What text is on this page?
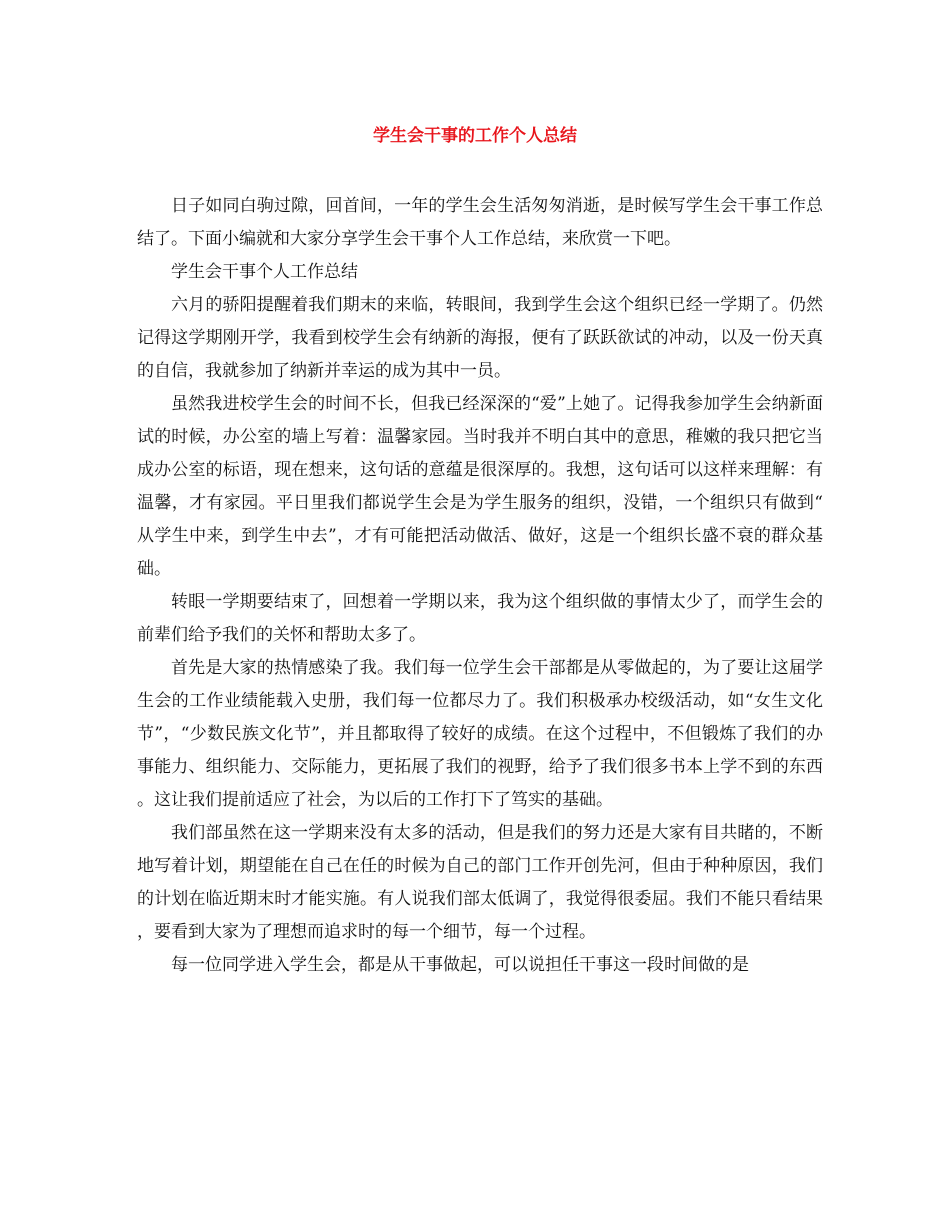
学生会干事的工作个人总结

日子如同白驹过隙，回首间，一年的学生会生活匆匆消逝，是时候写学生会干事工作总结了。下面小编就和大家分享学生会干事个人工作总结，来欣赏一下吧。

学生会干事个人工作总结

六月的骄阳提醒着我们期末的来临，转眼间，我到学生会这个组织已经一学期了。仍然记得这学期刚开学，我看到校学生会有纳新的海报，便有了跃跃欲试的冲动，以及一份天真的自信，我就参加了纳新并幸运的成为其中一员。

虽然我进校学生会的时间不长，但我已经深深的“爱”上她了。记得我参加学生会纳新面试的时候，办公室的墙上写着：温馨家园。当时我并不明白其中的意思，稚嫩的我只把它当成办公室的标语，现在想来，这句话的意蕴是很深厚的。我想，这句话可以这样来理解：有温馨，才有家园。平日里我们都说学生会是为学生服务的组织，没错，一个组织只有做到“从学生中来，到学生中去”，才有可能把活动做活、做好，这是一个组织长盛不衰的群众基础。

转眼一学期要结束了，回想着一学期以来，我为这个组织做的事情太少了，而学生会的前辈们给予我们的关怀和帮助太多了。

首先是大家的热情感染了我。我们每一位学生会干部都是从零做起的，为了要让这届学生会的工作业绩能载入史册，我们每一位都尽力了。我们积极承办校级活动，如“女生文化节”，“少数民族文化节”，并且都取得了较好的成绩。在这个过程中，不但锻炼了我们的办事能力、组织能力、交际能力，更拓展了我们的视野，给予了我们很多书本上学不到的东西。这让我们提前适应了社会，为以后的工作打下了笃实的基础。

我们部虽然在这一学期来没有太多的活动，但是我们的努力还是大家有目共睹的，不断地写着计划，期望能在自己在任的时候为自己的部门工作开创先河，但由于种种原因，我们的计划在临近期末时才能实施。有人说我们部太低调了，我觉得很委屈。我们不能只看结果，要看到大家为了理想而追求时的每一个细节，每一个过程。

每一位同学进入学生会，都是从干事做起，可以说担任干事这一段时间做的是
